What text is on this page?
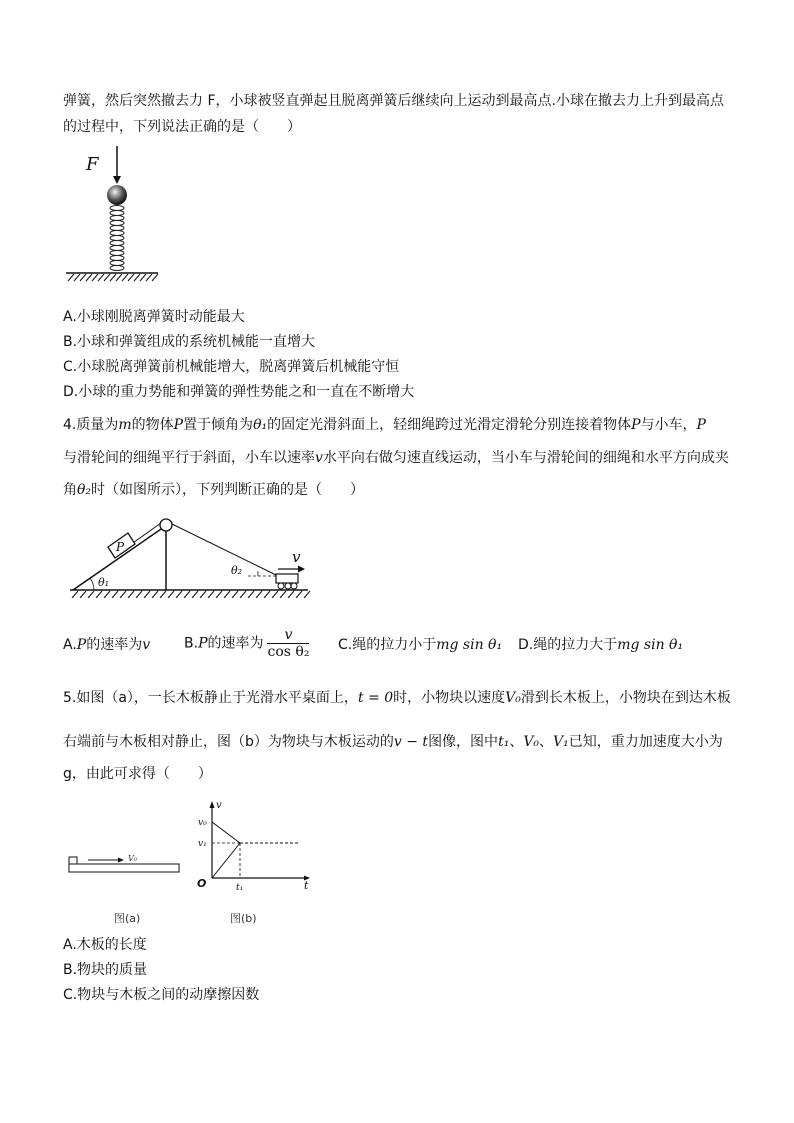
弹簧，然后突然撤去力 F，小球被竖直弹起且脱离弹簧后继续向上运动到最高点.小球在撤去力上升到最高点
的过程中，下列说法正确的是（　　）
F
A.小球刚脱离弹簧时动能最大
B.小球和弹簧组成的系统机械能一直增大
C.小球脱离弹簧前机械能增大，脱离弹簧后机械能守恒
D.小球的重力势能和弹簧的弹性势能之和一直在不断增大
4.质量为m的物体P置于倾角为θ₁的固定光滑斜面上，轻细绳跨过光滑定滑轮分别连接着物体P与小车，P
与滑轮间的细绳平行于斜面，小车以速率v水平向右做匀速直线运动，当小车与滑轮间的细绳和水平方向成夹
角θ₂时（如图所示），下列判断正确的是（　　）
P
θ₁
θ₂
v
A.P的速率为v B.P的速率为 $\frac{v}{\text{cos θ₂}} C$.绳的拉力小于mg sin θ₁ D.绳的拉力大于mg sin θ₁
5.如图（a），一长木板静止于光滑水平桌面上，t = 0时，小物块以速度V₀滑到长木板上，小物块在到达木板
右端前与木板相对静止，图（b）为物块与木板运动的v − t图像，图中t₁、V₀、V₁已知，重力加速度大小为
g，由此可求得（　　）
V₀
图(a)
v
v₀
v₁
O	t₁	t
图(b)
A.木板的长度
B.物块的质量
C.物块与木板之间的动摩擦因数
